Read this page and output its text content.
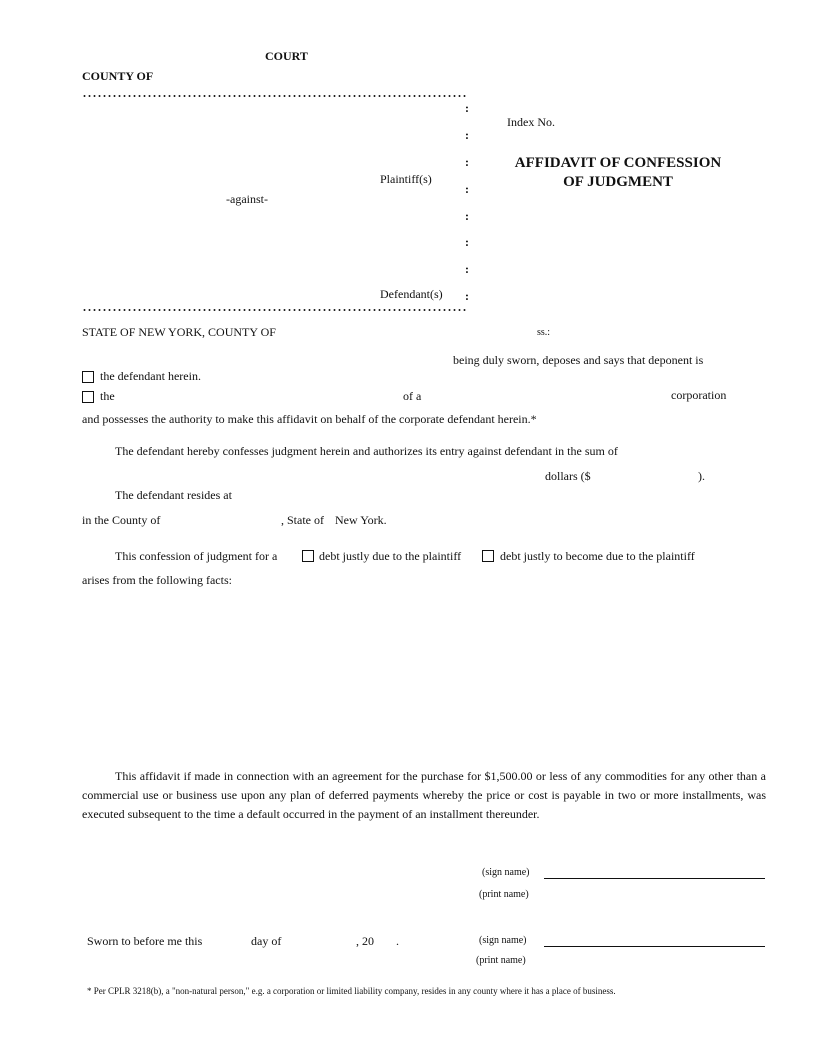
COURT
COUNTY OF
:
:
:
:
:
:
:
:
Plaintiff(s)
-against-
Defendant(s)
Index No.
AFFIDAVIT OF CONFESSION
OF JUDGMENT
STATE OF NEW YORK, COUNTY OF	ss.:
being duly sworn, deposes and says that deponent is
the defendant herein.
the	of a	corporation
and possesses the authority to make this affidavit on behalf of the corporate defendant herein.*
The defendant hereby confesses judgment herein and authorizes its entry against defendant in the sum of
dollars ($	).
The defendant resides at
in the County of	, State of New York.
This confession of judgment for a	debt justly due to the plaintiff	debt justly to become due to the plaintiff
arises from the following facts:
This affidavit if made in connection with an agreement for the purchase for $1,500.00 or less of any commodities for any other than a commercial use or business use upon any plan of deferred payments whereby the price or cost is payable in two or more installments, was executed subsequent to the time a default occurred in the payment of an installment thereunder.
(sign name)
(print name)
Sworn to before me this	day of	, 20 .	(sign name)
(print name)
* Per CPLR 3218(b), a "non-natural person," e.g. a corporation or limited liability company, resides in any county where it has a place of business.
